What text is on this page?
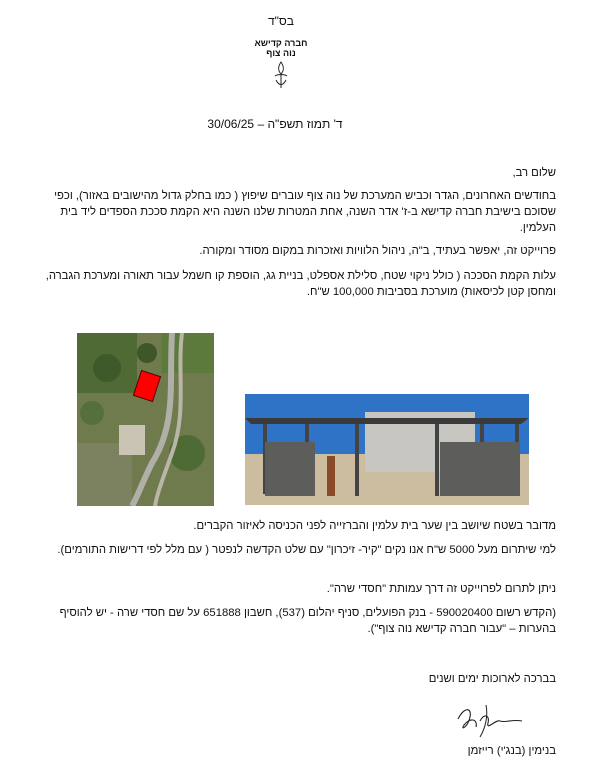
בס"ד
חברה קדישא
נוה צוף
ד' תמוז תשפ"ה – 30/06/25
שלום רב,
בחודשים האחרונים, הגדר וכביש המערכת של נוה צוף עוברים שיפוץ ( כמו בחלק גדול מהישובים באזור), וכפי שסוכם בישיבת חברה קדישא ב-ז' אדר השנה, אחת המטרות שלנו השנה היא הקמת סככת הספדים ליד בית העלמין.
פרוייקט זה, יאפשר בעתיד, ב"ה, ניהול הלוויות ואזכרות במקום מסודר ומקורה.
עלות הקמת הסככה ( כולל ניקוי שטח, סלילת אספלט, בניית גג, הוספת קו חשמל עבור תאורה ומערכת הגברה, ומחסן קטן לכיסאות) מוערכת בסביבות 100,000 ש"ח.
מדובר בשטח שיושב בין שער בית עלמין והברזייה לפני הכניסה לאיזור הקברים.
למי שיתרום מעל 5000 ש"ח אנו נקים "קיר- זיכרון" עם שלט הקדשה לנפטר ( עם מלל לפי דרישות התורמים).
ניתן לתרום לפרוייקט זה דרך עמותת "חסדי שרה".
(הקדש רשום 590020400 - בנק הפועלים, סניף יהלום (537), חשבון 651888 על שם חסדי שרה - יש להוסיף בהערות – "עבור חברה קדישא נוה צוף").
בברכה לארוכות ימים ושנים
בנימין (בנג'י) רייזמן
